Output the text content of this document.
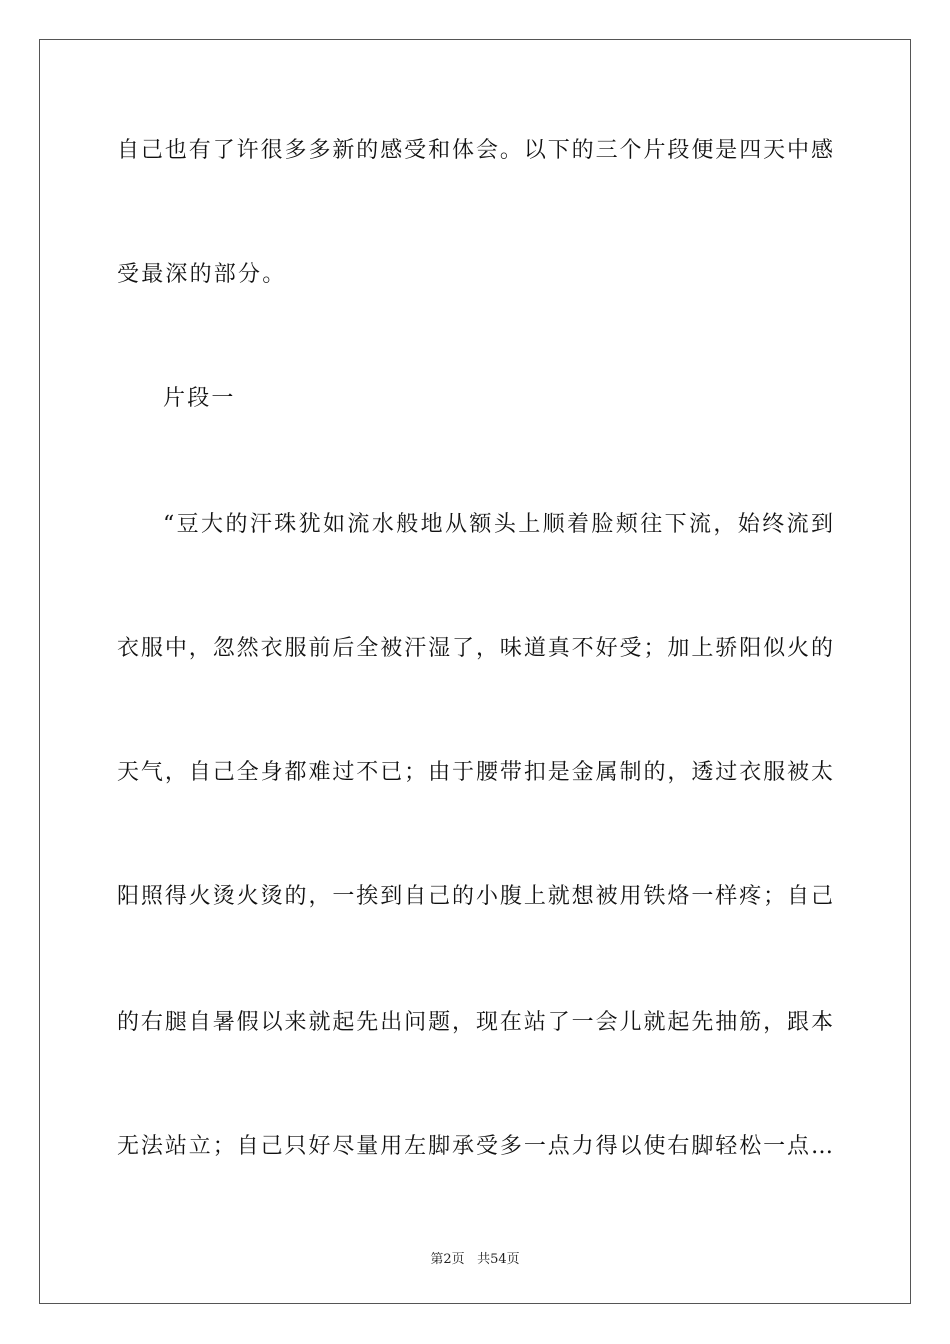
自己也有了许很多多新的感受和体会。以下的三个片段便是四天中感
受最深的部分。
片段一
“豆大的汗珠犹如流水般地从额头上顺着脸颊往下流，始终流到
衣服中，忽然衣服前后全被汗湿了，味道真不好受；加上骄阳似火的
天气，自己全身都难过不已；由于腰带扣是金属制的，透过衣服被太
阳照得火烫火烫的，一挨到自己的小腹上就想被用铁烙一样疼；自己
的右腿自暑假以来就起先出问题，现在站了一会儿就起先抽筋，跟本
无法站立；自己只好尽量用左脚承受多一点力得以使右脚轻松一点…
第2页 共54页
